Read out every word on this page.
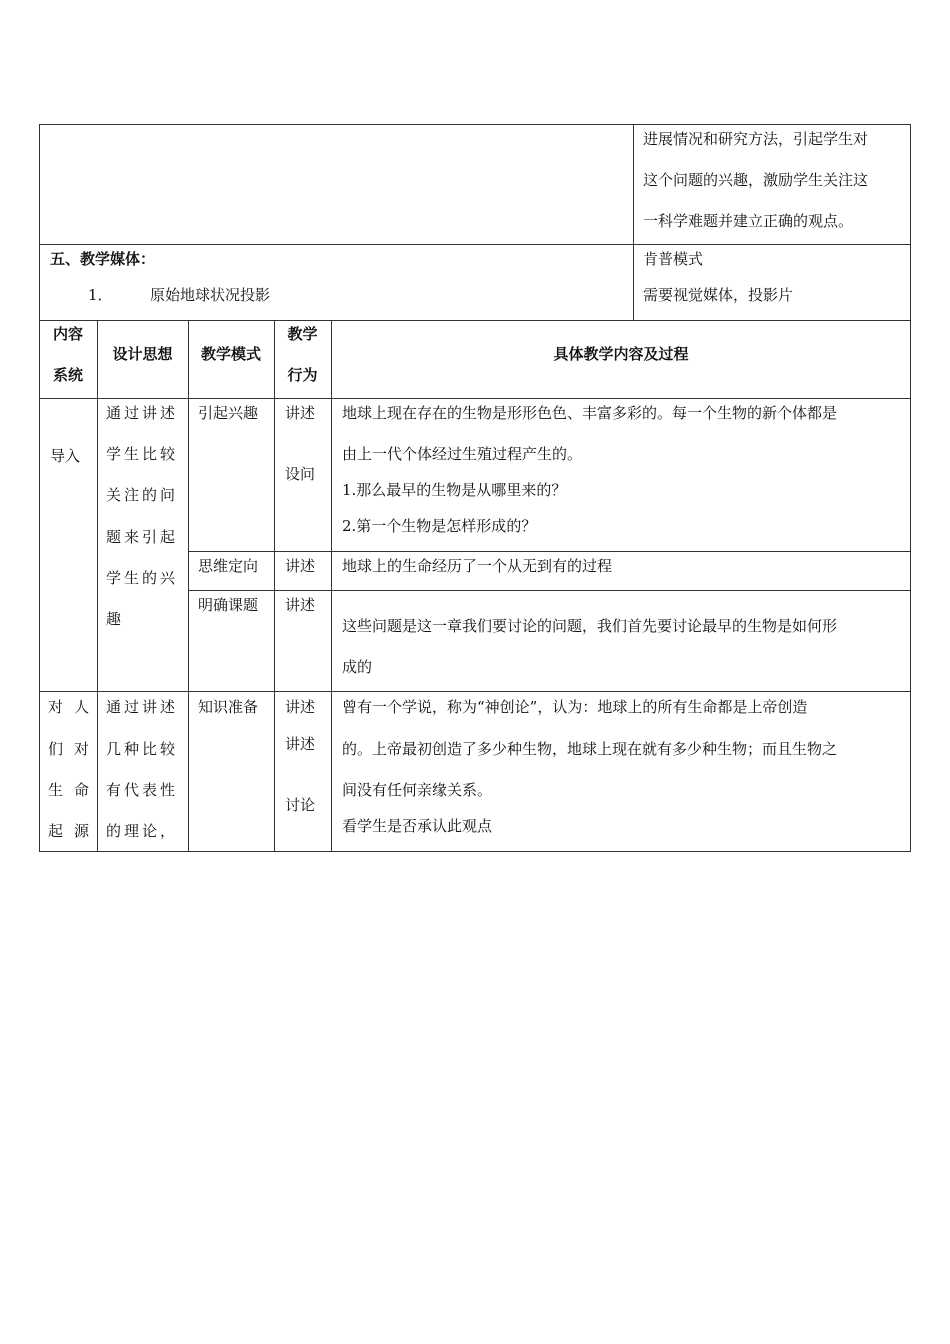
进展情况和研究方法，引起学生对
这个问题的兴趣，激励学生关注这
一科学难题并建立正确的观点。
五、教学媒体：
1． 原始地球状况投影
肯普模式
需要视觉媒体，投影片
内容
系统
设计思想	教学模式
教学
行为
具体教学内容及过程
导入
通过讲述
学生比较
关注的问
题来引起
学生的兴
趣
引起兴趣 讲述
设问
地球上现在存在的生物是形形色色、丰富多彩的。每一个生物的新个体都是
由上一代个体经过生殖过程产生的。
1.那么最早的生物是从哪里来的？
2.第一个生物是怎样形成的？
思维定向 讲述 地球上的生命经历了一个从无到有的过程
明确课题 讲述
这些问题是这一章我们要讨论的问题，我们首先要讨论最早的生物是如何形
成的
对人
们对
生命
起源
通过讲述
几种比较
有代表性
的理论，
知识准备 讲述
讲述
讨论
曾有一个学说，称为“神创论”，认为：地球上的所有生命都是上帝创造
的。上帝最初创造了多少种生物，地球上现在就有多少种生物；而且生物之
间没有任何亲缘关系。
看学生是否承认此观点
